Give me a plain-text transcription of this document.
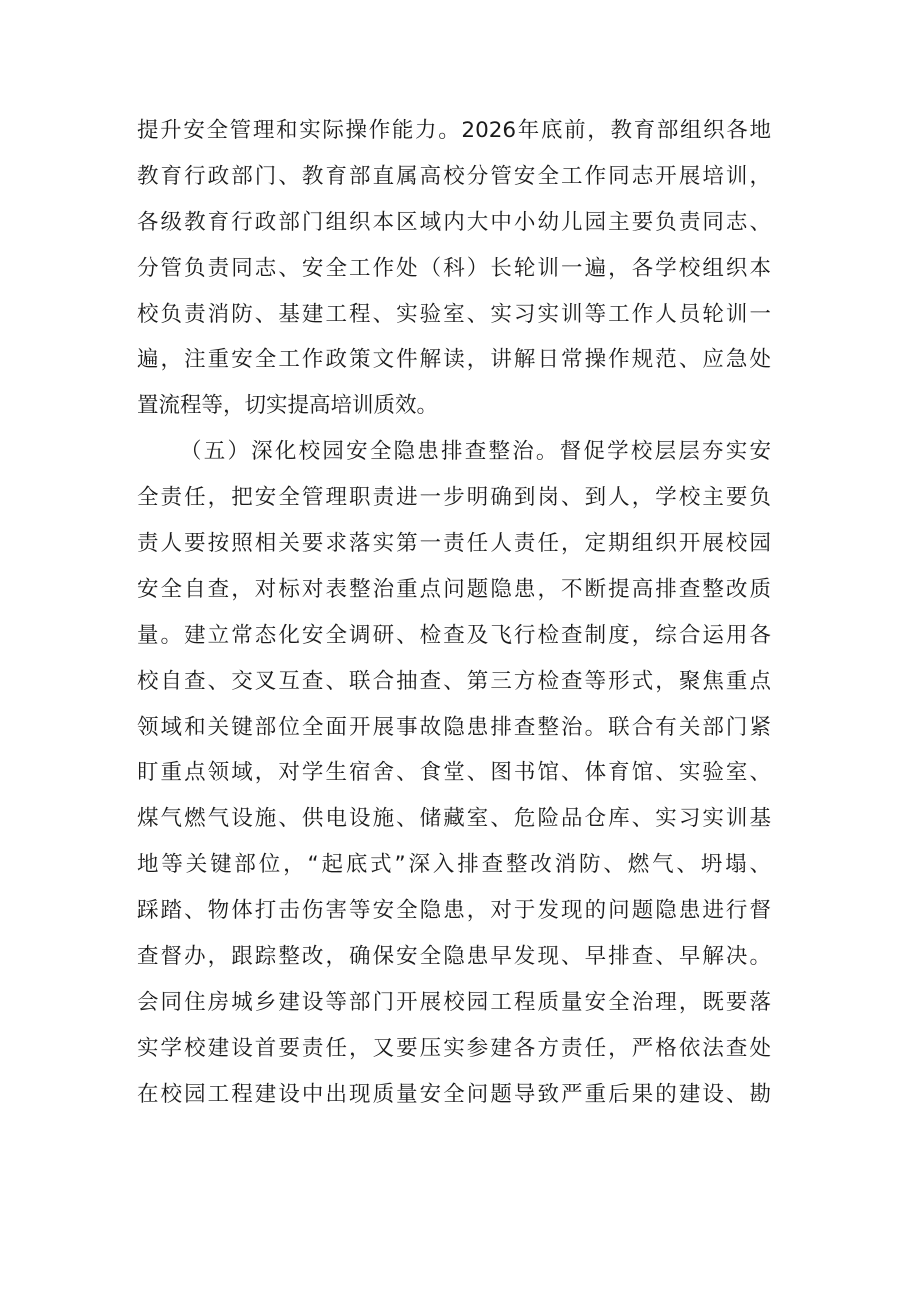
提升安全管理和实际操作能力。2026年底前，教育部组织各地
教育行政部门、教育部直属高校分管安全工作同志开展培训，
各级教育行政部门组织本区域内大中小幼儿园主要负责同志、
分管负责同志、安全工作处（科）长轮训一遍，各学校组织本
校负责消防、基建工程、实验室、实习实训等工作人员轮训一
遍，注重安全工作政策文件解读，讲解日常操作规范、应急处
置流程等，切实提高培训质效。
（五）深化校园安全隐患排查整治。督促学校层层夯实安
全责任，把安全管理职责进一步明确到岗、到人，学校主要负
责人要按照相关要求落实第一责任人责任，定期组织开展校园
安全自查，对标对表整治重点问题隐患，不断提高排查整改质
量。建立常态化安全调研、检查及飞行检查制度，综合运用各
校自查、交叉互查、联合抽查、第三方检查等形式，聚焦重点
领域和关键部位全面开展事故隐患排查整治。联合有关部门紧
盯重点领域，对学生宿舍、食堂、图书馆、体育馆、实验室、
煤气燃气设施、供电设施、储藏室、危险品仓库、实习实训基
地等关键部位，“起底式”深入排查整改消防、燃气、坍塌、
踩踏、物体打击伤害等安全隐患，对于发现的问题隐患进行督
查督办，跟踪整改，确保安全隐患早发现、早排查、早解决。
会同住房城乡建设等部门开展校园工程质量安全治理，既要落
实学校建设首要责任，又要压实参建各方责任，严格依法查处
在校园工程建设中出现质量安全问题导致严重后果的建设、勘
